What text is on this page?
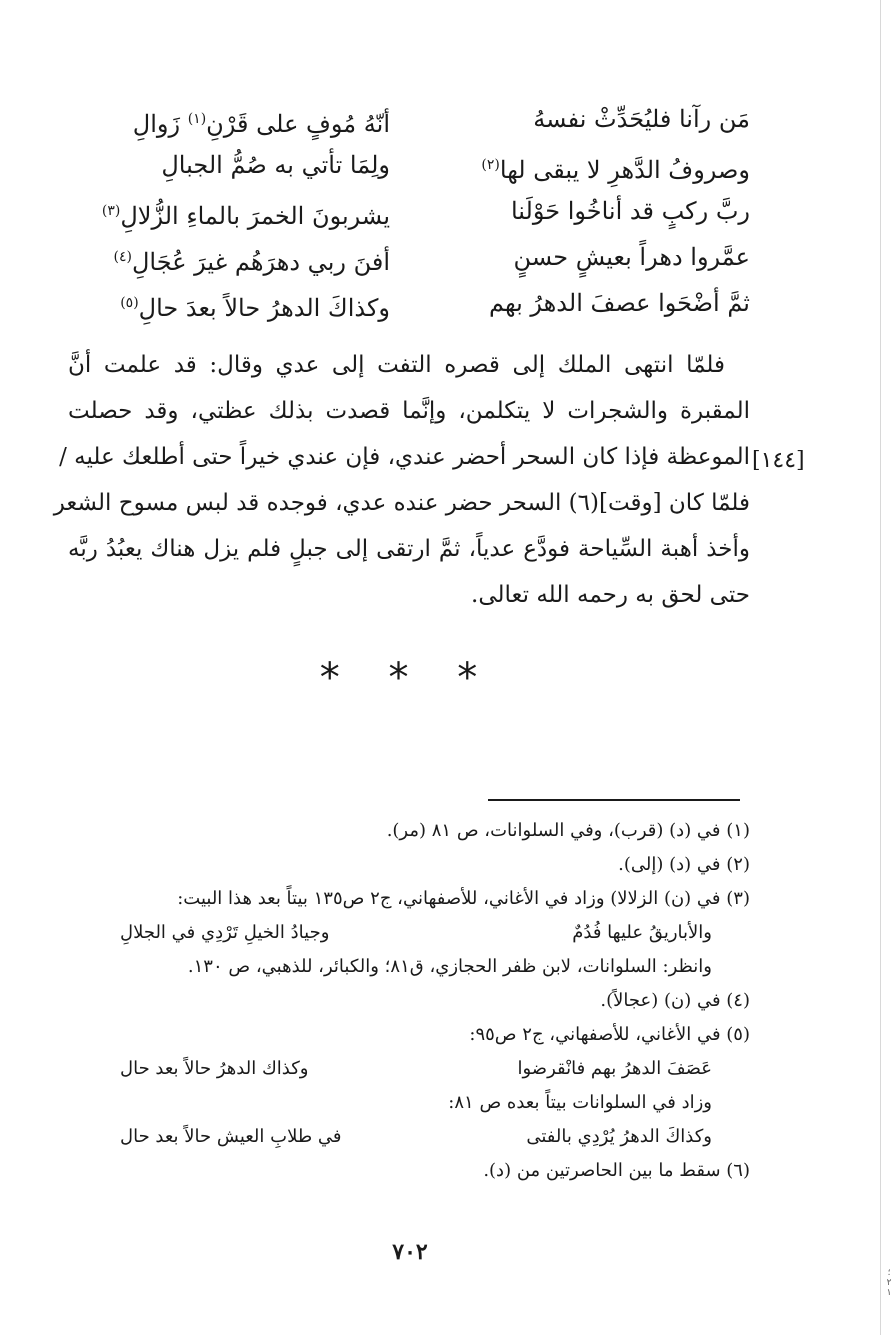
؛ ٢ ١
مَن رآنا فليُحَدِّثْ نفسهُ
أنّهُ مُوفٍ على قَرْنِ$^{(١)}$ زَوالِ
وصروفُ الدَّهرِ لا يبقى لها$^{(٢)}$
ولِمَا تأتي به صُمُّ الجبالِ
ربَّ ركبٍ قد أناخُوا حَوْلَنا
يشربونَ الخمرَ بالماءِ الزُّلالِ$^{(٣)}$
عمَّروا دهراً بعيشٍ حسنٍ
أفنَ ربي دهرَهُم غيرَ عُجَالِ$^{(٤)}$
ثمَّ أضْحَوا عصفَ الدهرُ بهم
وكذاكَ الدهرُ حالاً بعدَ حالِ$^{(٥)}$
فلمّا انتهى الملك إلى قصره التفت إلى عدي وقال: قد علمت أنَّ
المقبرة والشجرات لا يتكلمن، وإنَّما قصدت بذلك عظتي، وقد حصلت
الموعظة فإذا كان السحر أحضر عندي، فإن عندي خيراً حتى أطلعك عليه /
فلمّا كان [وقت](٦) السحر حضر عنده عدي، فوجده قد لبس مسوح الشعر
وأخذ أهبة السِّياحة فودَّع عدياً، ثمَّ ارتقى إلى جبلٍ فلم يزل هناك يعبُدُ ربَّه
حتى لحق به رحمه الله تعالى.
[١٤٤]
* * *
(١) في (د) (قرب)، وفي السلوانات، ص ٨١ (مر).
(٢) في (د) (إلى).
(٣) في (ن) الزلالا) وزاد في الأغاني، للأصفهاني، ج٢ ص١٣٥ بيتاً بعد هذا البيت:
والأباريقُ عليها فُدُمٌ
وجيادُ الخيلِ تَرْدِي في الجلالِ
وانظر: السلوانات، لابن ظفر الحجازي، ق٨١؛ والكبائر، للذهبي، ص ١٣٠.
(٤) في (ن) (عجالاً).
(٥) في الأغاني، للأصفهاني، ج٢ ص٩٥:
عَصَفَ الدهرُ بهم فانْقرضوا
وكذاك الدهرُ حالاً بعد حال
وزاد في السلوانات بيتاً بعده ص ٨١:
وكذاكَ الدهرُ يُرْدِي بالفتى
في طلابِ العيش حالاً بعد حال
(٦) سقط ما بين الحاصرتين من (د).
٧٠٢
